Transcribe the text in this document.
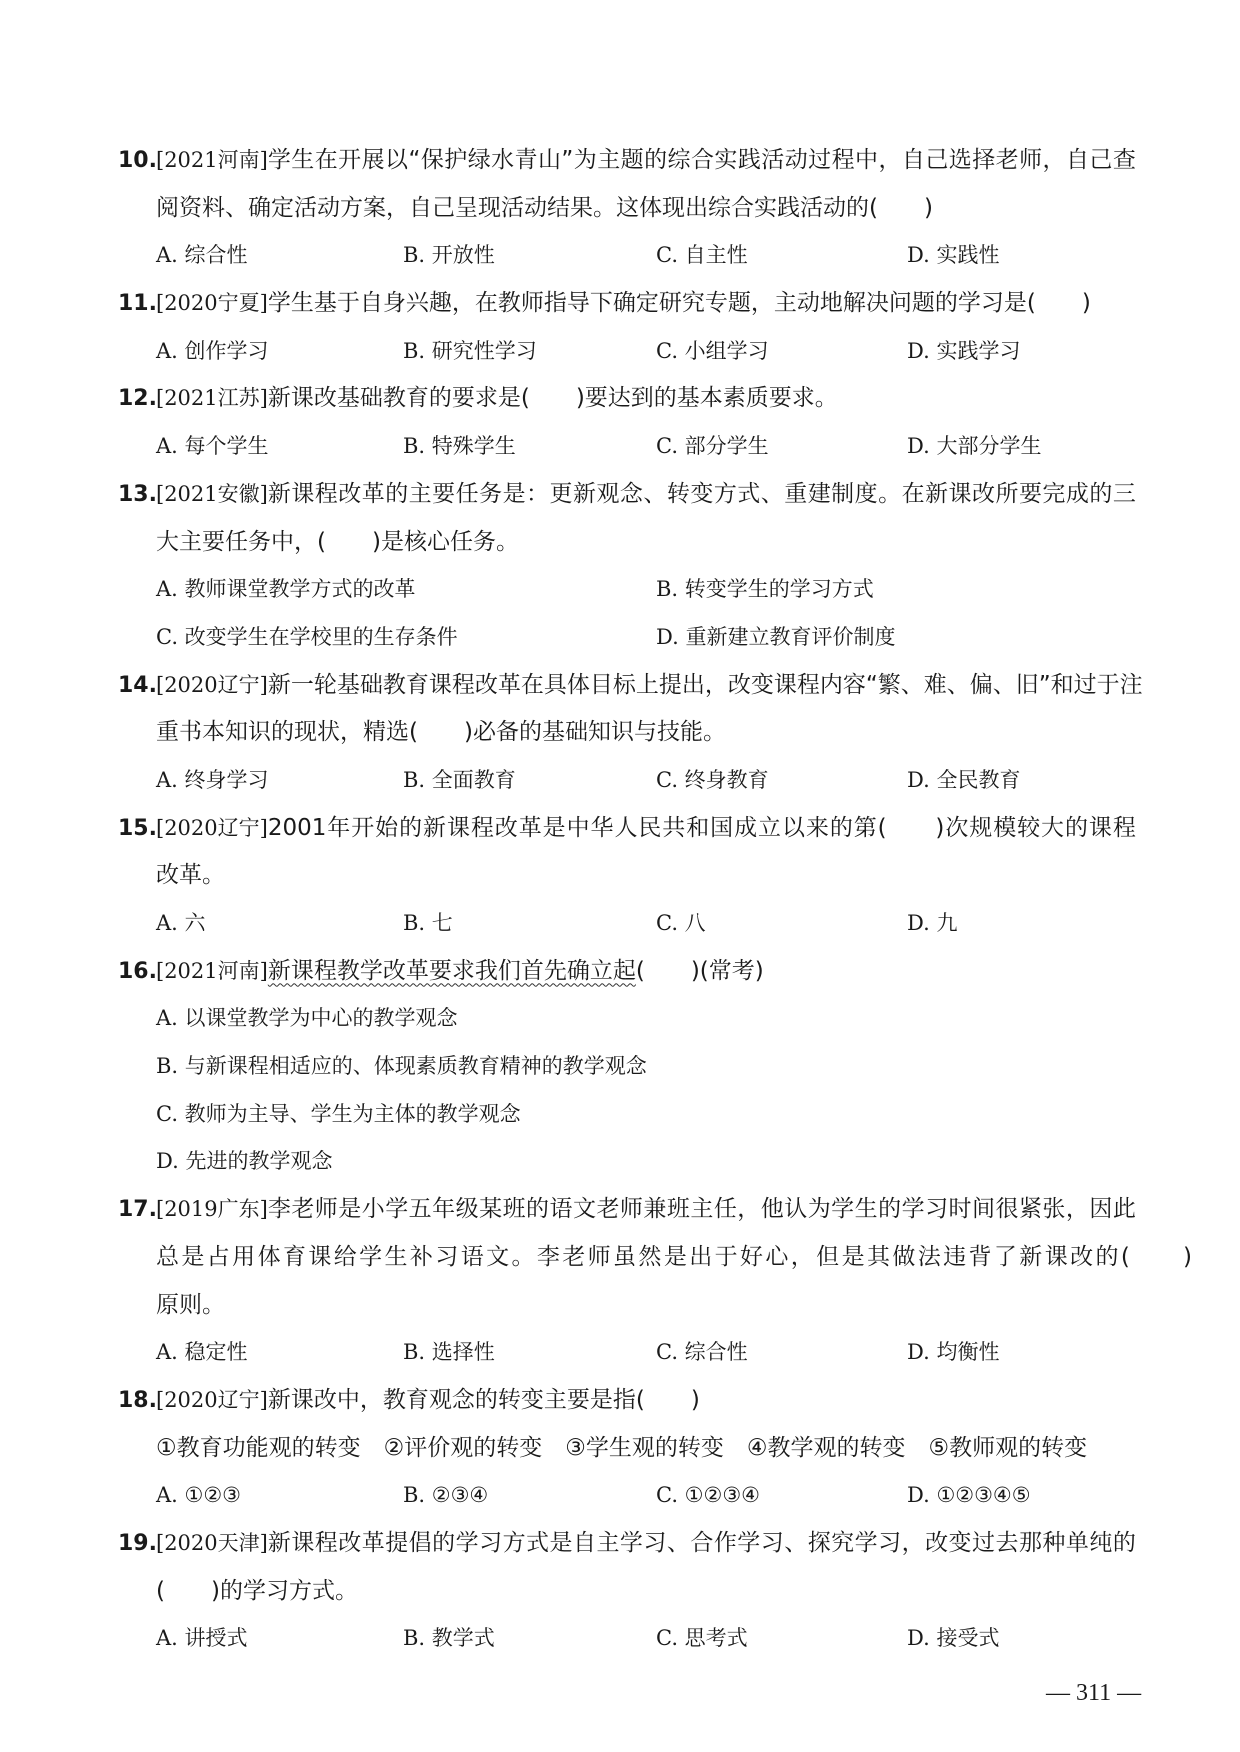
10.[2021河南]学生在开展以“保护绿水青山”为主题的综合实践活动过程中，自己选择老师，自己查
阅资料、确定活动方案，自己呈现活动结果。这体现出综合实践活动的(　　)
A. 综合性	B. 开放性	C. 自主性	D. 实践性
11.[2020宁夏]学生基于自身兴趣，在教师指导下确定研究专题，主动地解决问题的学习是(　　)
A. 创作学习	B. 研究性学习	C. 小组学习	D. 实践学习
12.[2021江苏]新课改基础教育的要求是(　　)要达到的基本素质要求。
A. 每个学生	B. 特殊学生	C. 部分学生	D. 大部分学生
13.[2021安徽]新课程改革的主要任务是：更新观念、转变方式、重建制度。在新课改所要完成的三
大主要任务中，(　　)是核心任务。
A. 教师课堂教学方式的改革	B. 转变学生的学习方式
C. 改变学生在学校里的生存条件	D. 重新建立教育评价制度
14.[2020辽宁]新一轮基础教育课程改革在具体目标上提出，改变课程内容“繁、难、偏、旧”和过于注
重书本知识的现状，精选(　　)必备的基础知识与技能。
A. 终身学习	B. 全面教育	C. 终身教育	D. 全民教育
15.[2020辽宁]2001年开始的新课程改革是中华人民共和国成立以来的第(　　)次规模较大的课程
改革。
A. 六	B. 七	C. 八	D. 九
16.[2021河南]新课程教学改革要求我们首先确立起(　　)(常考)
A. 以课堂教学为中心的教学观念
B. 与新课程相适应的、体现素质教育精神的教学观念
C. 教师为主导、学生为主体的教学观念
D. 先进的教学观念
17.[2019广东]李老师是小学五年级某班的语文老师兼班主任，他认为学生的学习时间很紧张，因此
总是占用体育课给学生补习语文。李老师虽然是出于好心，但是其做法违背了新课改的(　　)
原则。
A. 稳定性	B. 选择性	C. 综合性	D. 均衡性
18.[2020辽宁]新课改中，教育观念的转变主要是指(　　)
①教育功能观的转变　②评价观的转变　③学生观的转变　④教学观的转变　⑤教师观的转变
A. ①②③	B. ②③④	C. ①②③④	D. ①②③④⑤
19.[2020天津]新课程改革提倡的学习方式是自主学习、合作学习、探究学习，改变过去那种单纯的
(　　)的学习方式。
A. 讲授式	B. 教学式	C. 思考式	D. 接受式
— 311 —
